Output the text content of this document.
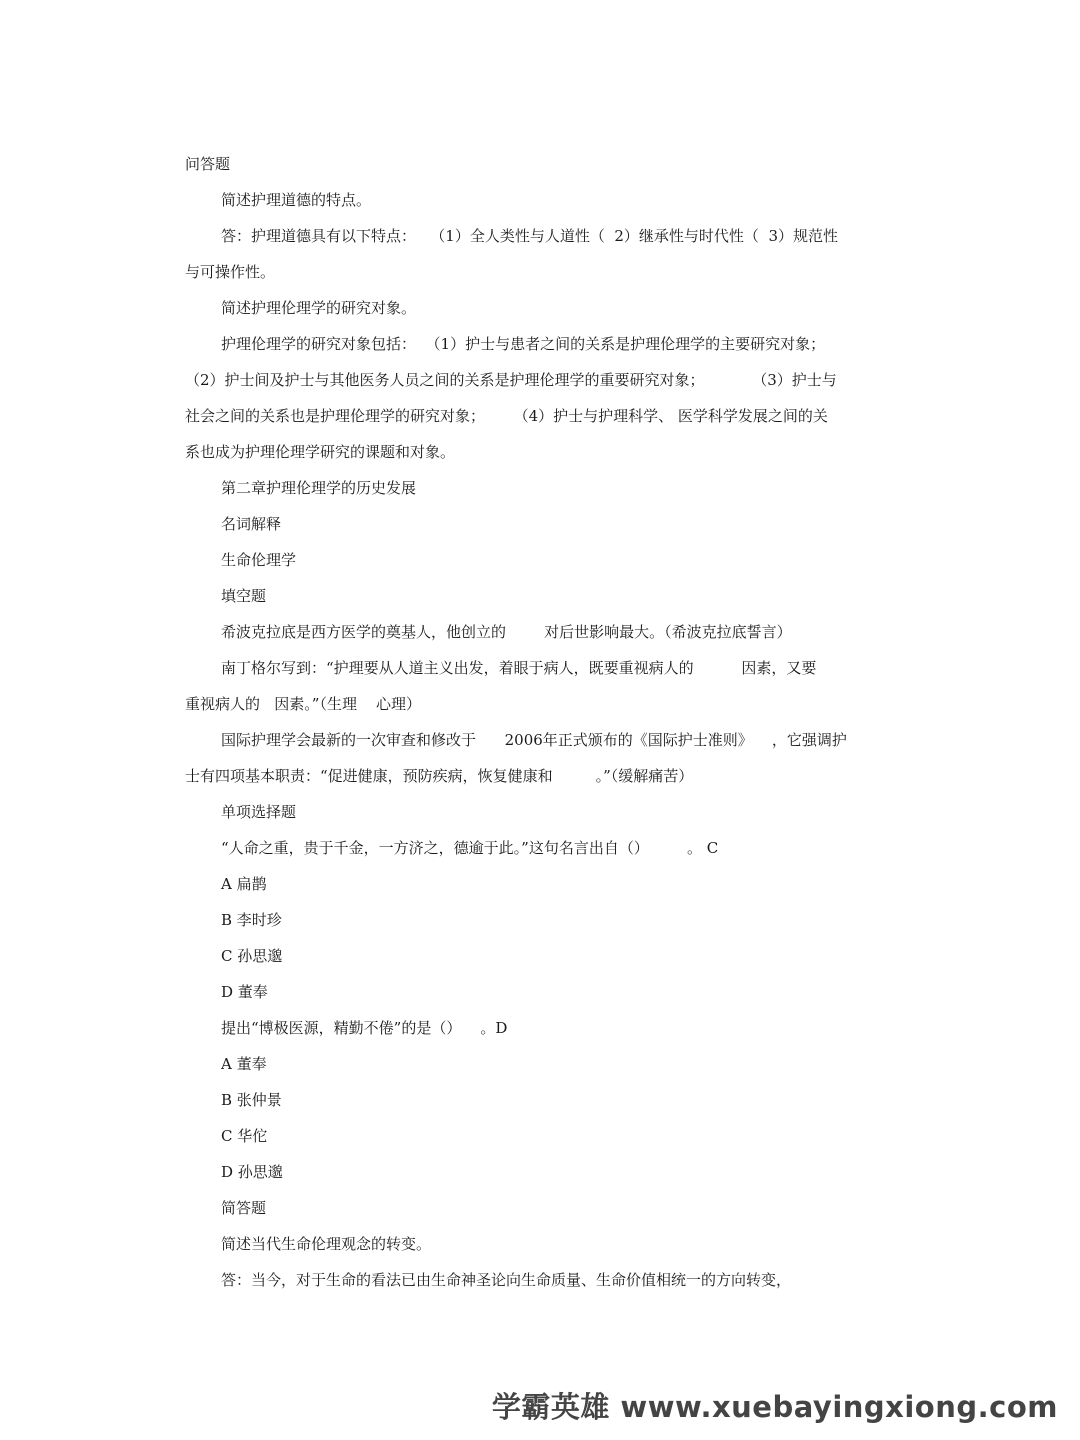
问答题
简述护理道德的特点。
答：护理道德具有以下特点：   （1）全人类性与人道性（  2）继承性与时代性（  3）规范性
与可操作性。
简述护理伦理学的研究对象。
护理伦理学的研究对象包括：  （1）护士与患者之间的关系是护理伦理学的主要研究对象；
（2）护士间及护士与其他医务人员之间的关系是护理伦理学的重要研究对象；          （3）护士与
社会之间的关系也是护理伦理学的研究对象；      （4）护士与护理科学、 医学科学发展之间的关
系也成为护理伦理学研究的课题和对象。
第二章护理伦理学的历史发展
名词解释
生命伦理学
填空题
希波克拉底是西方医学的奠基人，他创立的        对后世影响最大。（希波克拉底誓言）
南丁格尔写到：“护理要从人道主义出发，着眼于病人，既要重视病人的          因素，又要
重视病人的   因素。”（生理    心理）
国际护理学会最新的一次审查和修改于      2006年正式颁布的《国际护士准则》    ，它强调护
士有四项基本职责：“促进健康，预防疾病，恢复健康和         。”（缓解痛苦）
单项选择题
“人命之重，贵于千金，一方济之，德逾于此。”这句名言出自（）        。 C
A 扁鹊
B 李时珍
C 孙思邈
D 董奉
提出“博极医源，精勤不倦”的是（）    。D
A 董奉
B 张仲景
C 华佗
D 孙思邈
简答题
简述当代生命伦理观念的转变。
答：当今，对于生命的看法已由生命神圣论向生命质量、生命价值相统一的方向转变，
学霸英雄 www.xuebayingxiong.com
